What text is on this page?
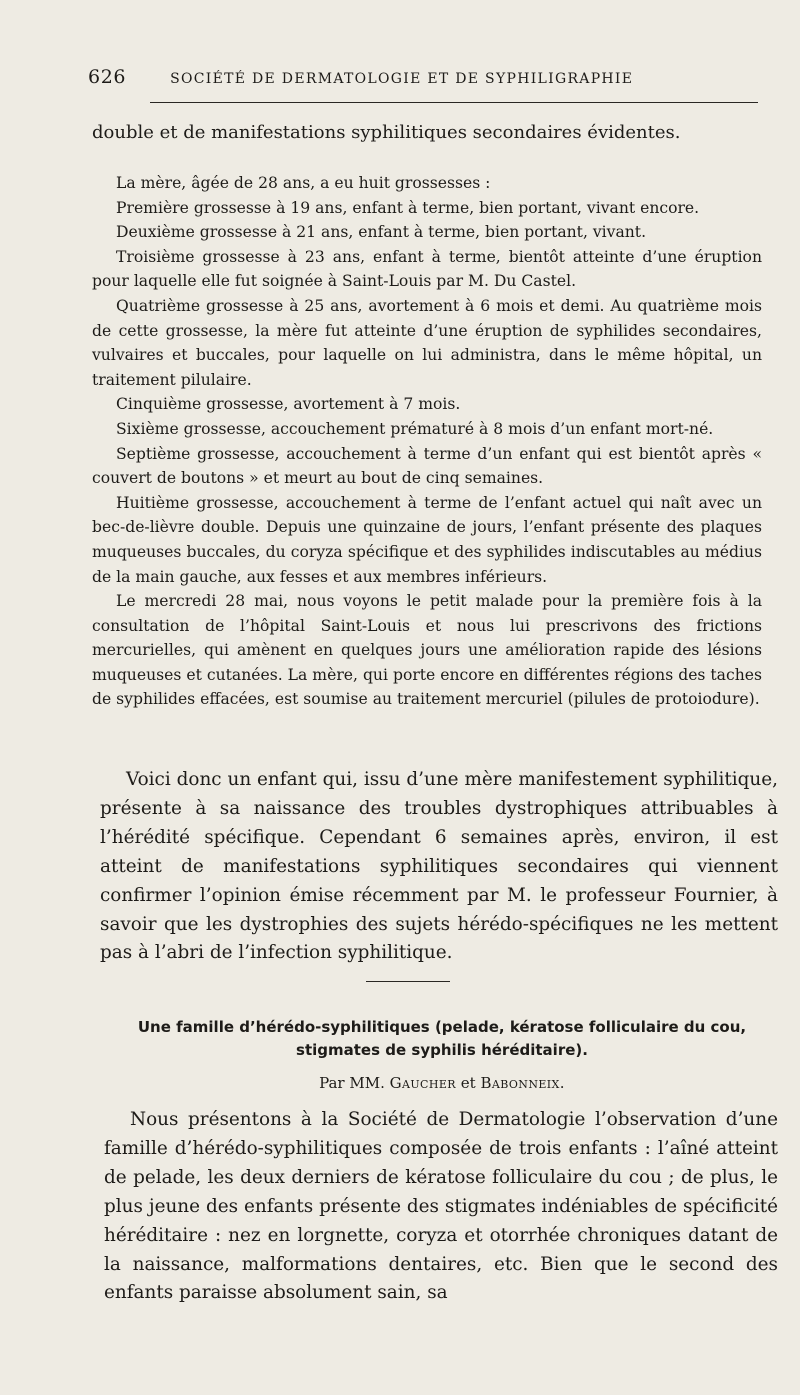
626	SOCIÉTÉ DE DERMATOLOGIE ET DE SYPHILIGRAPHIE
double et de manifestations syphilitiques secondaires évidentes.

La mère, âgée de 28 ans, a eu huit grossesses :

Première grossesse à 19 ans, enfant à terme, bien portant, vivant encore.

Deuxième grossesse à 21 ans, enfant à terme, bien portant, vivant.

Troisième grossesse à 23 ans, enfant à terme, bientôt atteinte d’une éruption pour laquelle elle fut soignée à Saint-Louis par M. Du Castel.

Quatrième grossesse à 25 ans, avortement à 6 mois et demi. Au quatrième mois de cette grossesse, la mère fut atteinte d’une éruption de syphilides secondaires, vulvaires et buccales, pour laquelle on lui administra, dans le même hôpital, un traitement pilulaire.

Cinquième grossesse, avortement à 7 mois.

Sixième grossesse, accouchement prématuré à 8 mois d’un enfant mort-né.

Septième grossesse, accouchement à terme d’un enfant qui est bientôt après « couvert de boutons » et meurt au bout de cinq semaines.

Huitième grossesse, accouchement à terme de l’enfant actuel qui naît avec un bec-de-lièvre double. Depuis une quinzaine de jours, l’enfant présente des plaques muqueuses buccales, du coryza spécifique et des syphilides indiscutables au médius de la main gauche, aux fesses et aux membres inférieurs.

Le mercredi 28 mai, nous voyons le petit malade pour la première fois à la consultation de l’hôpital Saint-Louis et nous lui prescrivons des frictions mercurielles, qui amènent en quelques jours une amélioration rapide des lésions muqueuses et cutanées. La mère, qui porte encore en différentes régions des taches de syphilides effacées, est soumise au traitement mercuriel (pilules de protoiodure).

Voici donc un enfant qui, issu d’une mère manifestement syphilitique, présente à sa naissance des troubles dystrophiques attribuables à l’hérédité spécifique. Cependant 6 semaines après, environ, il est atteint de manifestations syphilitiques secondaires qui viennent confirmer l’opinion émise récemment par M. le professeur Fournier, à savoir que les dystrophies des sujets hérédo-spécifiques ne les mettent pas à l’abri de l’infection syphilitique.

Une famille d’hérédo-syphilitiques (pelade, kératose folliculaire du cou, stigmates de syphilis héréditaire).
Par MM. Gaucher et Babonneix.

Nous présentons à la Société de Dermatologie l’observation d’une famille d’hérédo-syphilitiques composée de trois enfants : l’aîné atteint de pelade, les deux derniers de kératose folliculaire du cou ; de plus, le plus jeune des enfants présente des stigmates indéniables de spécificité héréditaire : nez en lorgnette, coryza et otorrhée chroniques datant de la naissance, malformations dentaires, etc. Bien que le second des enfants paraisse absolument sain, sa
